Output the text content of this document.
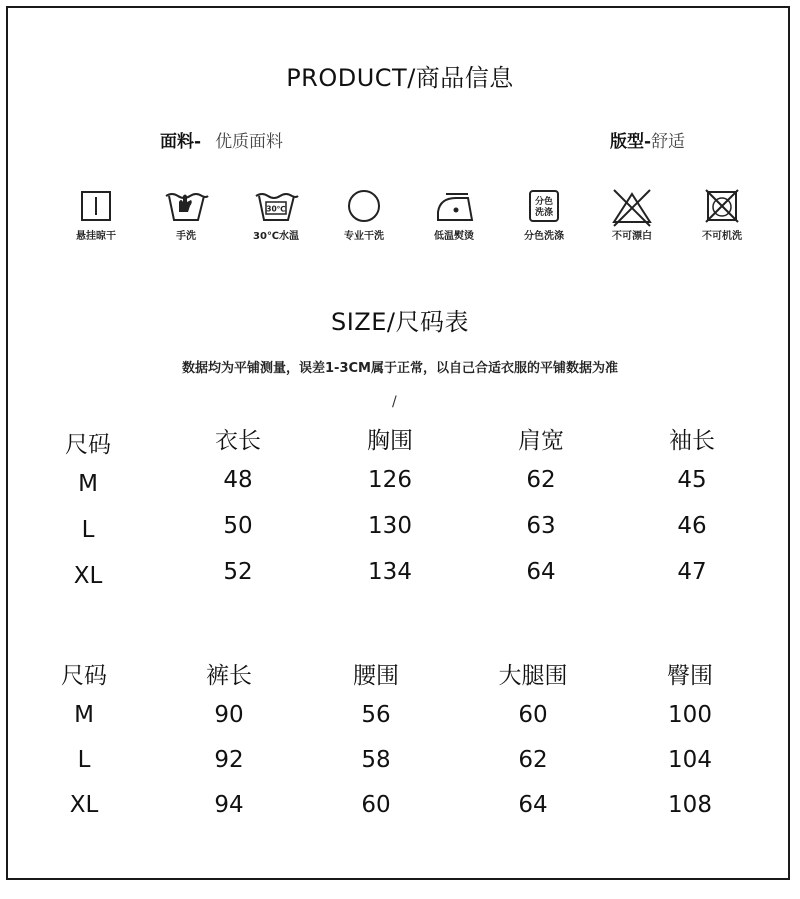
PRODUCT/商品信息
面料- 优质面料	版型-舒适
悬挂晾干	手洗
30℃
30℃水温	专业干洗	低温熨烫
分色
洗涤
分色洗涤	不可漂白	不可机洗
SIZE/尺码表
数据均为平铺测量，误差1-3CM属于正常，以自己合适衣服的平铺数据为准
/
尺码	衣长	胸围	肩宽	袖长
M	48	126	62	45
L	50	130	63	46
XL	52	134	64	47
尺码	裤长	腰围	大腿围	臀围
M	90	56	60	100
L	92	58	62	104
XL	94	60	64	108
